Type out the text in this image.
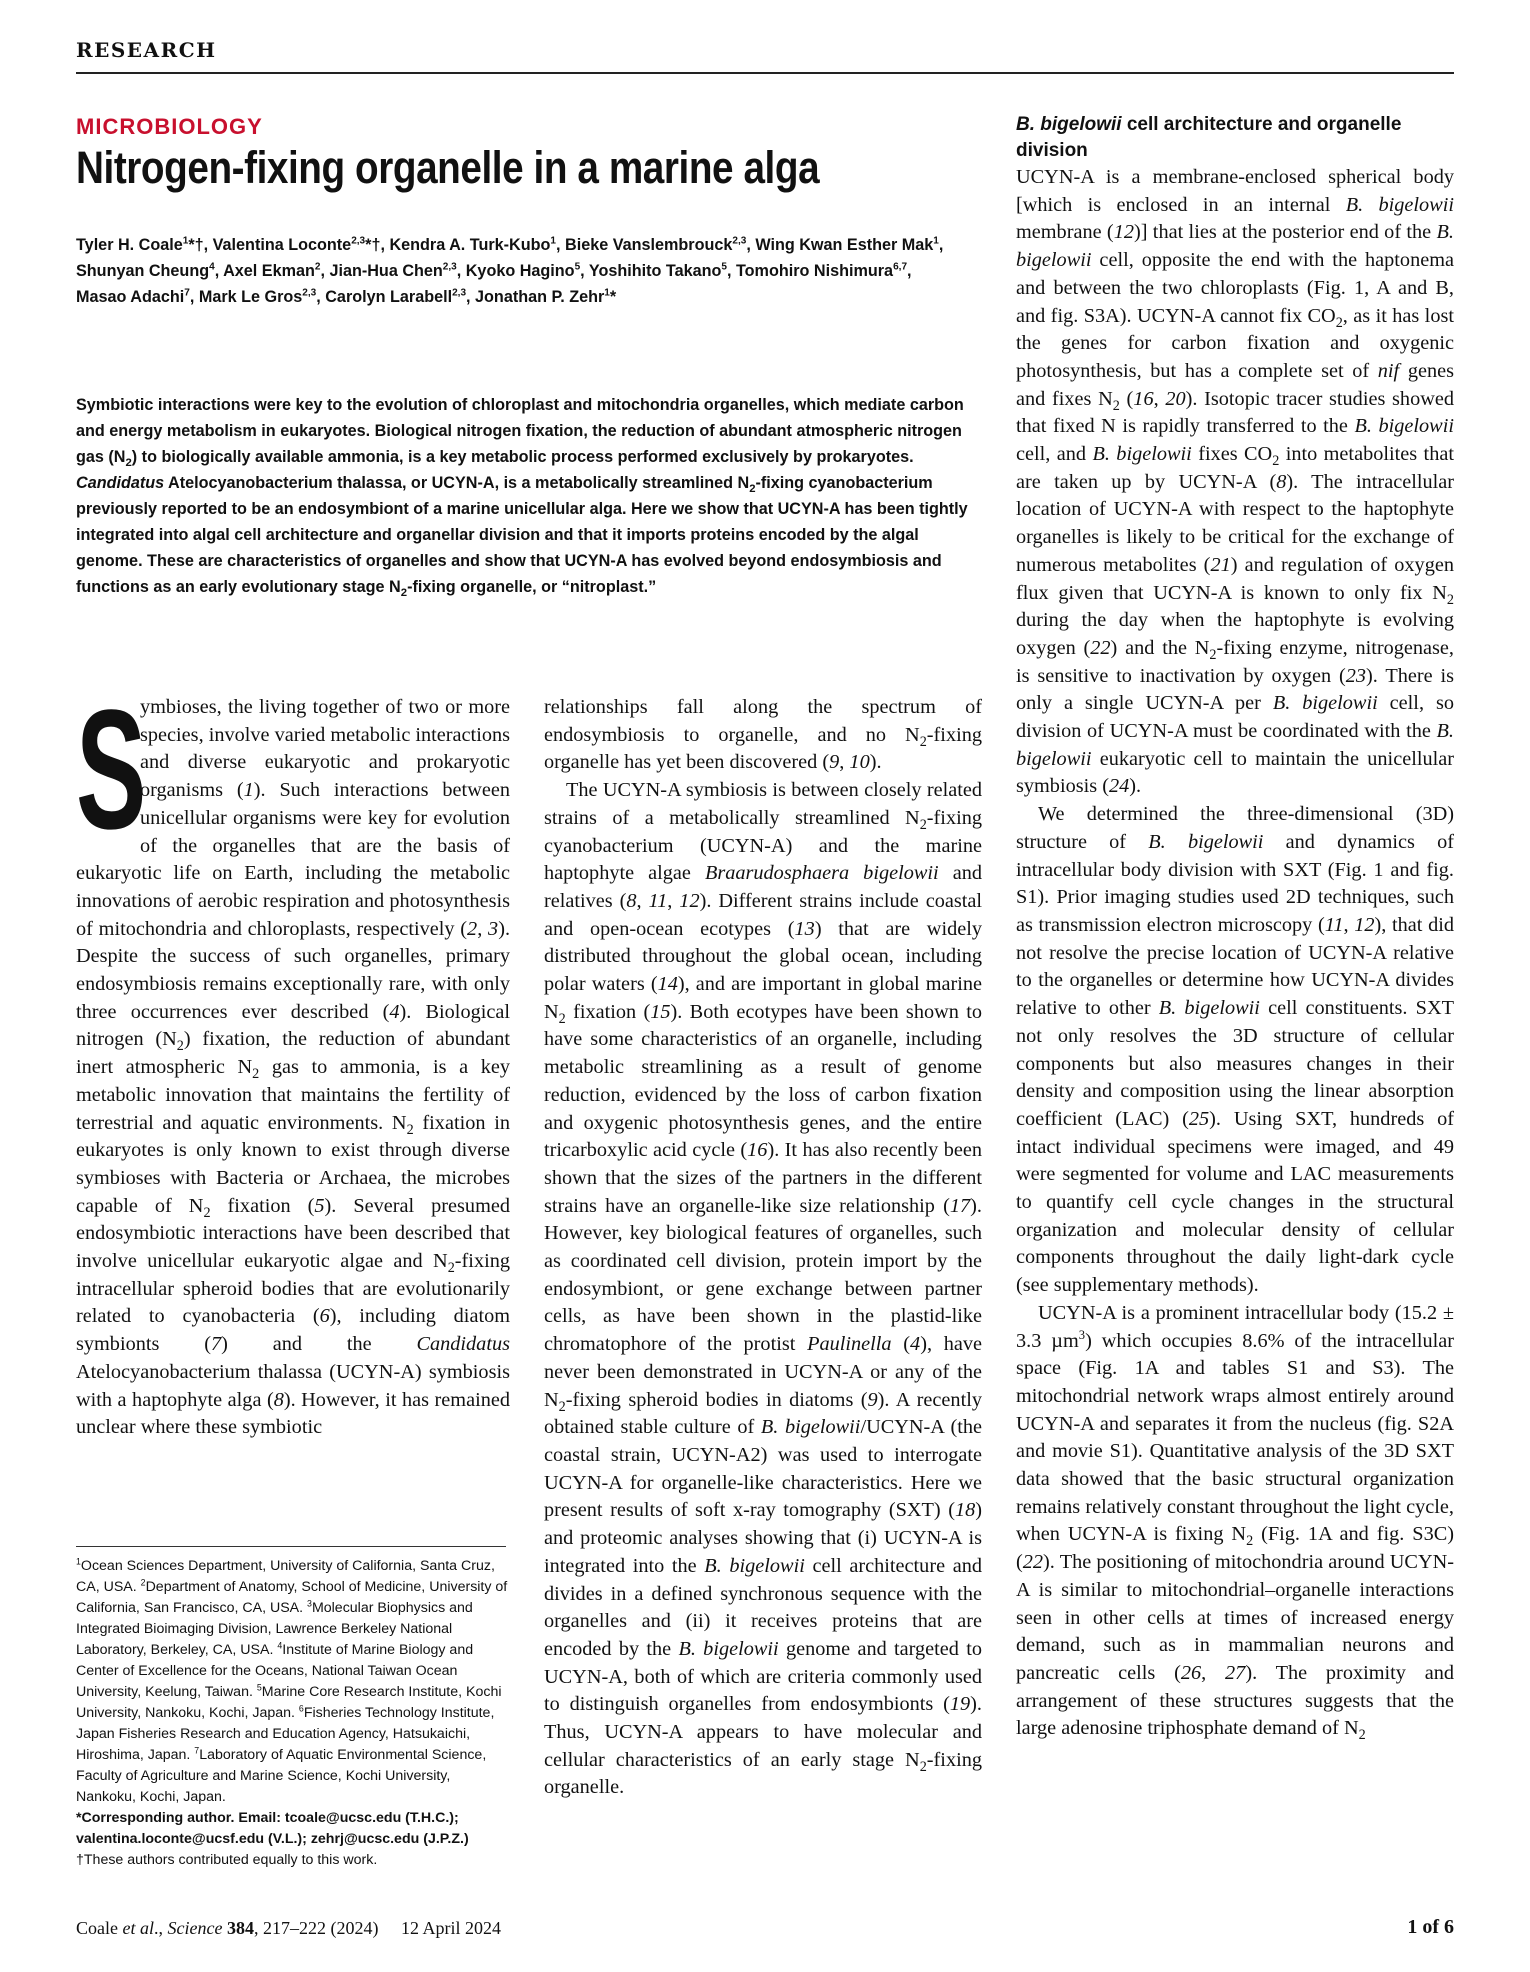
RESEARCH
MICROBIOLOGY
Nitrogen-fixing organelle in a marine alga
Tyler H. Coale$^1$*†, Valentina Loconte$^{2,3}$*†, Kendra A. Turk-Kubo$^1$, Bieke Vanslembrouck$^{2,3}$, Wing Kwan Esther Mak$^1$, Shunyan Cheung$^4$, Axel Ekman$^2$, Jian-Hua Chen$^{2,3}$, Kyoko Hagino$^5$, Yoshihito Takano$^5$, Tomohiro Nishimura$^{6,7}$, Masao Adachi$^7$, Mark Le Gros$^{2,3}$, Carolyn Larabell$^{2,3}$, Jonathan P. Zehr$^1$*
Symbiotic interactions were key to the evolution of chloroplast and mitochondria organelles, which mediate carbon and energy metabolism in eukaryotes. Biological nitrogen fixation, the reduction of abundant atmospheric nitrogen gas $(N_2)$ to biologically available ammonia, is a key metabolic process performed exclusively by prokaryotes. Candidatus Atelocyanobacterium thalassa, or UCYN-A, is a metabolically streamlined $N_2$-fixing cyanobacterium previously reported to be an endosymbiont of a marine unicellular alga. Here we show that UCYN-A has been tightly integrated into algal cell architecture and organellar division and that it imports proteins encoded by the algal genome. These are characteristics of organelles and show that UCYN-A has evolved beyond endosymbiosis and functions as an early evolutionary stage $N_2$-fixing organelle, or “nitroplast.”

S
ymbioses, the living together of two or more species, involve varied metabolic interactions and diverse eukaryotic and prokaryotic organisms (1). Such interactions between unicellular organisms were key for evolution of the organelles that are the basis of eukaryotic life on Earth, including the metabolic innovations of aerobic respiration and photosynthesis of mitochondria and chloroplasts, respectively (2, 3). Despite the success of such organelles, primary endosymbiosis remains exceptionally rare, with only three occurrences ever described (4). Biological nitrogen $(N_2)$ fixation, the reduction of abundant inert atmospheric $N_2$ gas to ammonia, is a key metabolic innovation that maintains the fertility of terrestrial and aquatic environments. $N_2$ fixation in eukaryotes is only known to exist through diverse symbioses with Bacteria or Archaea, the microbes capable of $N_2$ fixation (5). Several presumed endosymbiotic interactions have been described that involve unicellular eukaryotic algae and $N_2$-fixing intracellular spheroid bodies that are evolutionarily related to cyanobacteria (6), including diatom symbionts (7) and the Candidatus Atelocyanobacterium thalassa (UCYN-A) symbiosis with a haptophyte alga (8). However, it has remained unclear where these symbiotic

relationships fall along the spectrum of endosymbiosis to organelle, and no $N_2$-fixing organelle has yet been discovered (9, 10).

The UCYN-A symbiosis is between closely related strains of a metabolically streamlined $N_2$-fixing cyanobacterium (UCYN-A) and the marine haptophyte algae Braarudosphaera bigelowii and relatives (8, 11, 12). Different strains include coastal and open-ocean ecotypes (13) that are widely distributed throughout the global ocean, including polar waters (14), and are important in global marine $N_2$ fixation (15). Both ecotypes have been shown to have some characteristics of an organelle, including metabolic streamlining as a result of genome reduction, evidenced by the loss of carbon fixation and oxygenic photosynthesis genes, and the entire tricarboxylic acid cycle (16). It has also recently been shown that the sizes of the partners in the different strains have an organelle-like size relationship (17). However, key biological features of organelles, such as coordinated cell division, protein import by the endosymbiont, or gene exchange between partner cells, as have been shown in the plastid-like chromatophore of the protist Paulinella (4), have never been demonstrated in UCYN-A or any of the $N_2$-fixing spheroid bodies in diatoms (9). A recently obtained stable culture of B. bigelowii/UCYN-A (the coastal strain, UCYN-A2) was used to interrogate UCYN-A for organelle-like characteristics. Here we present results of soft x-ray tomography (SXT) (18) and proteomic analyses showing that (i) UCYN-A is integrated into the B. bigelowii cell architecture and divides in a defined synchronous sequence with the organelles and (ii) it receives proteins that are encoded by the B. bigelowii genome and targeted to UCYN-A, both of which are criteria commonly used to distinguish organelles from endosymbionts (19). Thus, UCYN-A appears to have molecular and cellular characteristics of an early stage $N_2$-fixing organelle.

B. bigelowii cell architecture and organelle division

UCYN-A is a membrane-enclosed spherical body [which is enclosed in an internal B. bigelowii membrane (12)] that lies at the posterior end of the B. bigelowii cell, opposite the end with the haptonema and between the two chloroplasts (Fig. 1, A and B, and fig. S3A). UCYN-A cannot fix $CO_2$, as it has lost the genes for carbon fixation and oxygenic photosynthesis, but has a complete set of nif genes and fixes $N_2$ (16, 20). Isotopic tracer studies showed that fixed N is rapidly transferred to the B. bigelowii cell, and B. bigelowii fixes $CO_2$ into metabolites that are taken up by UCYN-A (8). The intracellular location of UCYN-A with respect to the haptophyte organelles is likely to be critical for the exchange of numerous metabolites (21) and regulation of oxygen flux given that UCYN-A is known to only fix $N_2$ during the day when the haptophyte is evolving oxygen (22) and the $N_2$-fixing enzyme, nitrogenase, is sensitive to inactivation by oxygen (23). There is only a single UCYN-A per B. bigelowii cell, so division of UCYN-A must be coordinated with the B. bigelowii eukaryotic cell to maintain the unicellular symbiosis (24).

We determined the three-dimensional (3D) structure of B. bigelowii and dynamics of intracellular body division with SXT (Fig. 1 and fig. S1). Prior imaging studies used 2D techniques, such as transmission electron microscopy (11, 12), that did not resolve the precise location of UCYN-A relative to the organelles or determine how UCYN-A divides relative to other B. bigelowii cell constituents. SXT not only resolves the 3D structure of cellular components but also measures changes in their density and composition using the linear absorption coefficient (LAC) (25). Using SXT, hundreds of intact individual specimens were imaged, and 49 were segmented for volume and LAC measurements to quantify cell cycle changes in the structural organization and molecular density of cellular components throughout the daily light-dark cycle (see supplementary methods).

UCYN-A is a prominent intracellular body (15.2 ± 3.3 µm$^3$) which occupies 8.6% of the intracellular space (Fig. 1A and tables S1 and S3). The mitochondrial network wraps almost entirely around UCYN-A and separates it from the nucleus (fig. S2A and movie S1). Quantitative analysis of the 3D SXT data showed that the basic structural organization remains relatively constant throughout the light cycle, when UCYN-A is fixing $N_2$ (Fig. 1A and fig. S3C) (22). The positioning of mitochondria around UCYN-A is similar to mitochondrial–organelle interactions seen in other cells at times of increased energy demand, such as in mammalian neurons and pancreatic cells (26, 27). The proximity and arrangement of these structures suggests that the large adenosine triphosphate demand of $N_2$

$^1$Ocean Sciences Department, University of California, Santa Cruz, CA, USA. $^2$Department of Anatomy, School of Medicine, University of California, San Francisco, CA, USA. $^3$Molecular Biophysics and Integrated Bioimaging Division, Lawrence Berkeley National Laboratory, Berkeley, CA, USA. $^4$Institute of Marine Biology and Center of Excellence for the Oceans, National Taiwan Ocean University, Keelung, Taiwan. $^5$Marine Core Research Institute, Kochi University, Nankoku, Kochi, Japan. $^6$Fisheries Technology Institute, Japan Fisheries Research and Education Agency, Hatsukaichi, Hiroshima, Japan. $^7$Laboratory of Aquatic Environmental Science, Faculty of Agriculture and Marine Science, Kochi University, Nankoku, Kochi, Japan.
*Corresponding author. Email: tcoale@ucsc.edu (T.H.C.); valentina.loconte@ucsf.edu (V.L.); zehrj@ucsc.edu (J.P.Z.)
†These authors contributed equally to this work.
Coale et al., Science 384, 217–222 (2024)     12 April 2024	1 of 6
